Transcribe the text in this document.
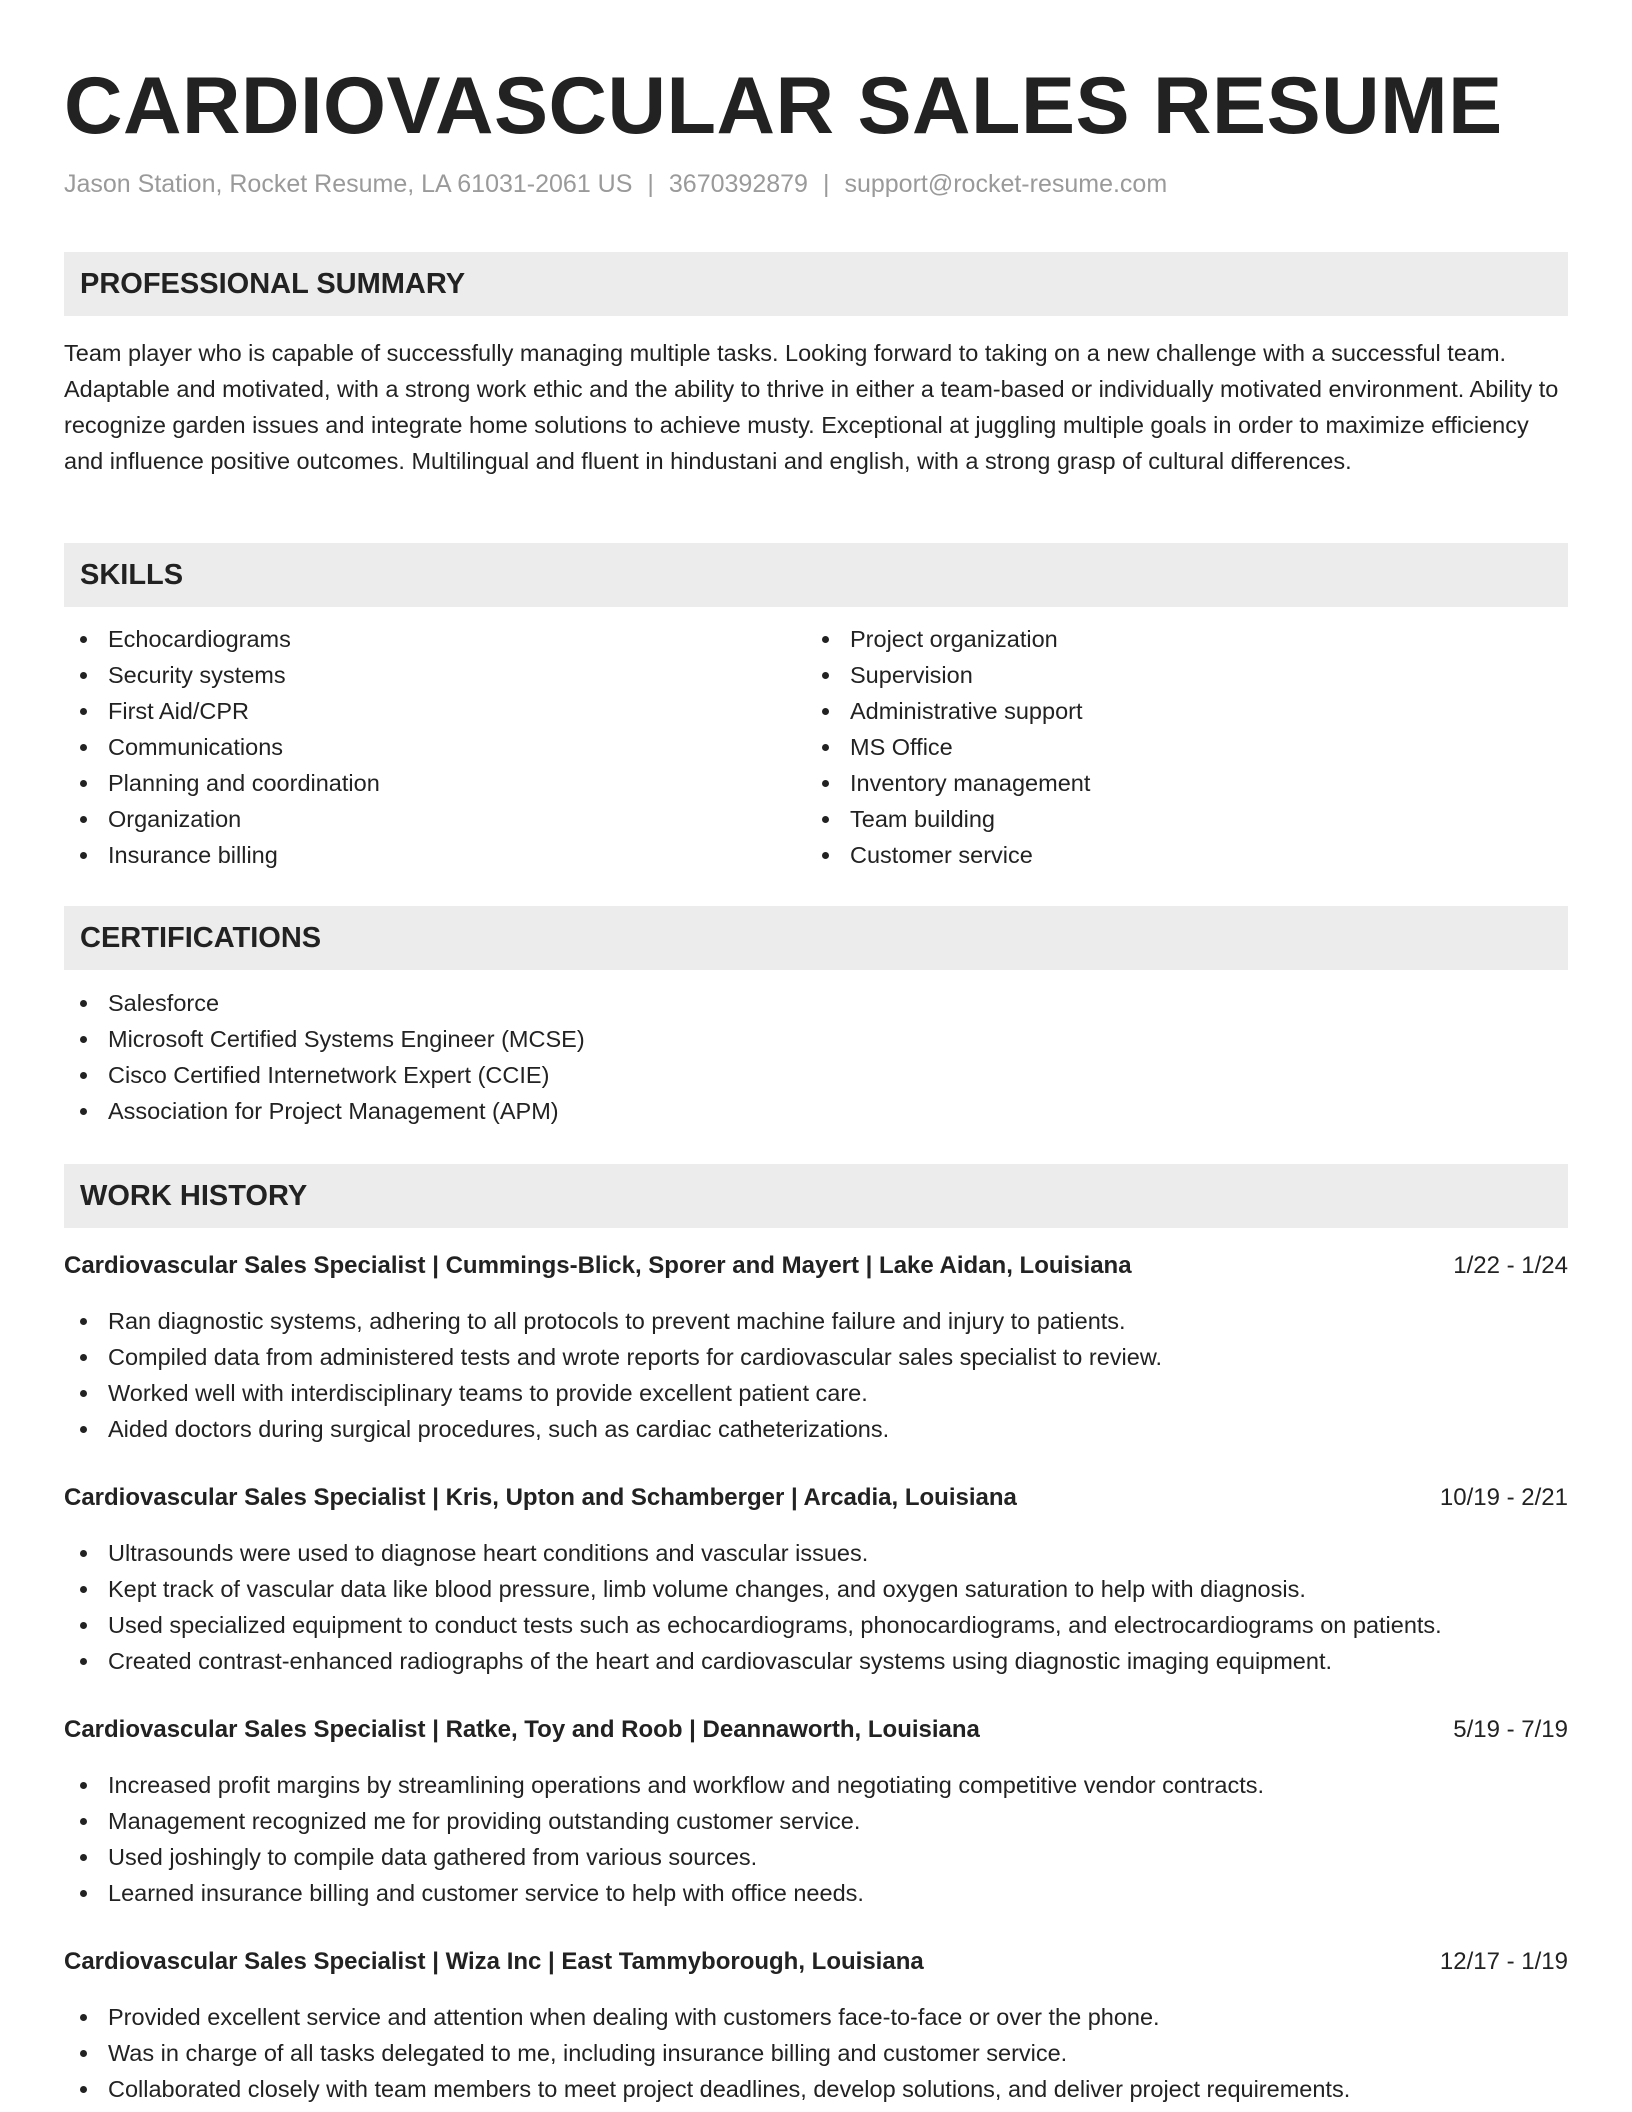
CARDIOVASCULAR SALES RESUME
Jason Station, Rocket Resume, LA 61031-2061 US | 3670392879 | support@rocket-resume.com
PROFESSIONAL SUMMARY

Team player who is capable of successfully managing multiple tasks. Looking forward to taking on a new challenge with a successful team. Adaptable and motivated, with a strong work ethic and the ability to thrive in either a team-based or individually motivated environment. Ability to recognize garden issues and integrate home solutions to achieve musty. Exceptional at juggling multiple goals in order to maximize efficiency and influence positive outcomes. Multilingual and fluent in hindustani and english, with a strong grasp of cultural differences.

SKILLS
Echocardiograms
Security systems
First Aid/CPR
Communications
Planning and coordination
Organization
Insurance billing
Project organization
Supervision
Administrative support
MS Office
Inventory management
Team building
Customer service
CERTIFICATIONS
Salesforce
Microsoft Certified Systems Engineer (MCSE)
Cisco Certified Internetwork Expert (CCIE)
Association for Project Management (APM)
WORK HISTORY
Cardiovascular Sales Specialist | Cummings-Blick, Sporer and Mayert | Lake Aidan, Louisiana	1/22 - 1/24
Ran diagnostic systems, adhering to all protocols to prevent machine failure and injury to patients.
Compiled data from administered tests and wrote reports for cardiovascular sales specialist to review.
Worked well with interdisciplinary teams to provide excellent patient care.
Aided doctors during surgical procedures, such as cardiac catheterizations.
Cardiovascular Sales Specialist | Kris, Upton and Schamberger | Arcadia, Louisiana	10/19 - 2/21
Ultrasounds were used to diagnose heart conditions and vascular issues.
Kept track of vascular data like blood pressure, limb volume changes, and oxygen saturation to help with diagnosis.
Used specialized equipment to conduct tests such as echocardiograms, phonocardiograms, and electrocardiograms on patients.
Created contrast-enhanced radiographs of the heart and cardiovascular systems using diagnostic imaging equipment.
Cardiovascular Sales Specialist | Ratke, Toy and Roob | Deannaworth, Louisiana	5/19 - 7/19
Increased profit margins by streamlining operations and workflow and negotiating competitive vendor contracts.
Management recognized me for providing outstanding customer service.
Used joshingly to compile data gathered from various sources.
Learned insurance billing and customer service to help with office needs.
Cardiovascular Sales Specialist | Wiza Inc | East Tammyborough, Louisiana	12/17 - 1/19
Provided excellent service and attention when dealing with customers face-to-face or over the phone.
Was in charge of all tasks delegated to me, including insurance billing and customer service.
Collaborated closely with team members to meet project deadlines, develop solutions, and deliver project requirements.
